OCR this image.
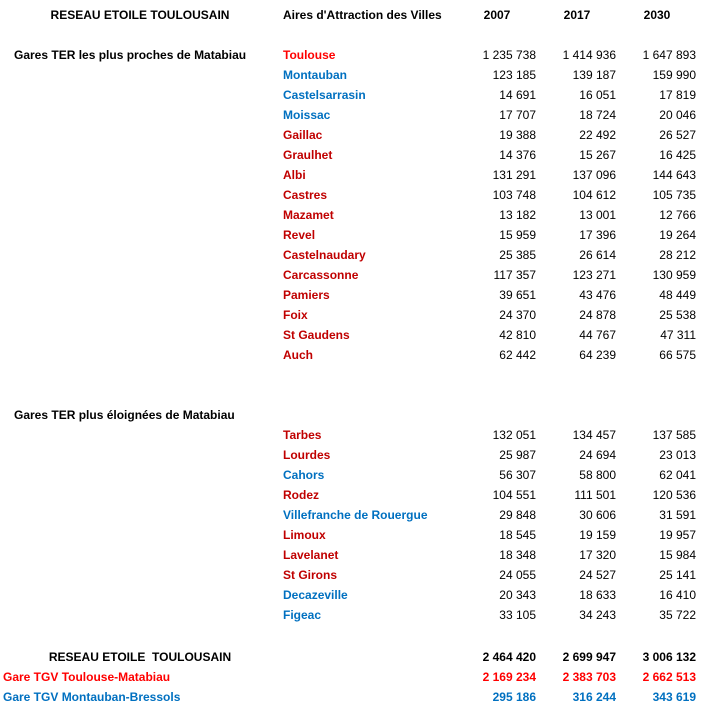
RESEAU ETOILE TOULOUSAIN	Aires d'Attraction des Villes	2007	2017	2030
Gares TER les plus proches de Matabiau	Toulouse	1 235 738	1 414 936	1 647 893
Montauban	123 185	139 187	159 990
Castelsarrasin	14 691	16 051	17 819
Moissac	17 707	18 724	20 046
Gaillac	19 388	22 492	26 527
Graulhet	14 376	15 267	16 425
Albi	131 291	137 096	144 643
Castres	103 748	104 612	105 735
Mazamet	13 182	13 001	12 766
Revel	15 959	17 396	19 264
Castelnaudary	25 385	26 614	28 212
Carcassonne	117 357	123 271	130 959
Pamiers	39 651	43 476	48 449
Foix	24 370	24 878	25 538
St Gaudens	42 810	44 767	47 311
Auch	62 442	64 239	66 575
Gares TER plus éloignées de Matabiau
Tarbes	132 051	134 457	137 585
Lourdes	25 987	24 694	23 013
Cahors	56 307	58 800	62 041
Rodez	104 551	111 501	120 536
Villefranche de Rouergue	29 848	30 606	31 591
Limoux	18 545	19 159	19 957
Lavelanet	18 348	17 320	15 984
St Girons	24 055	24 527	25 141
Decazeville	20 343	18 633	16 410
Figeac	33 105	34 243	35 722
RESEAU ETOILE  TOULOUSAIN	2 464 420	2 699 947	3 006 132
Gare TGV Toulouse-Matabiau	2 169 234	2 383 703	2 662 513
Gare TGV Montauban-Bressols	295 186	316 244	343 619
